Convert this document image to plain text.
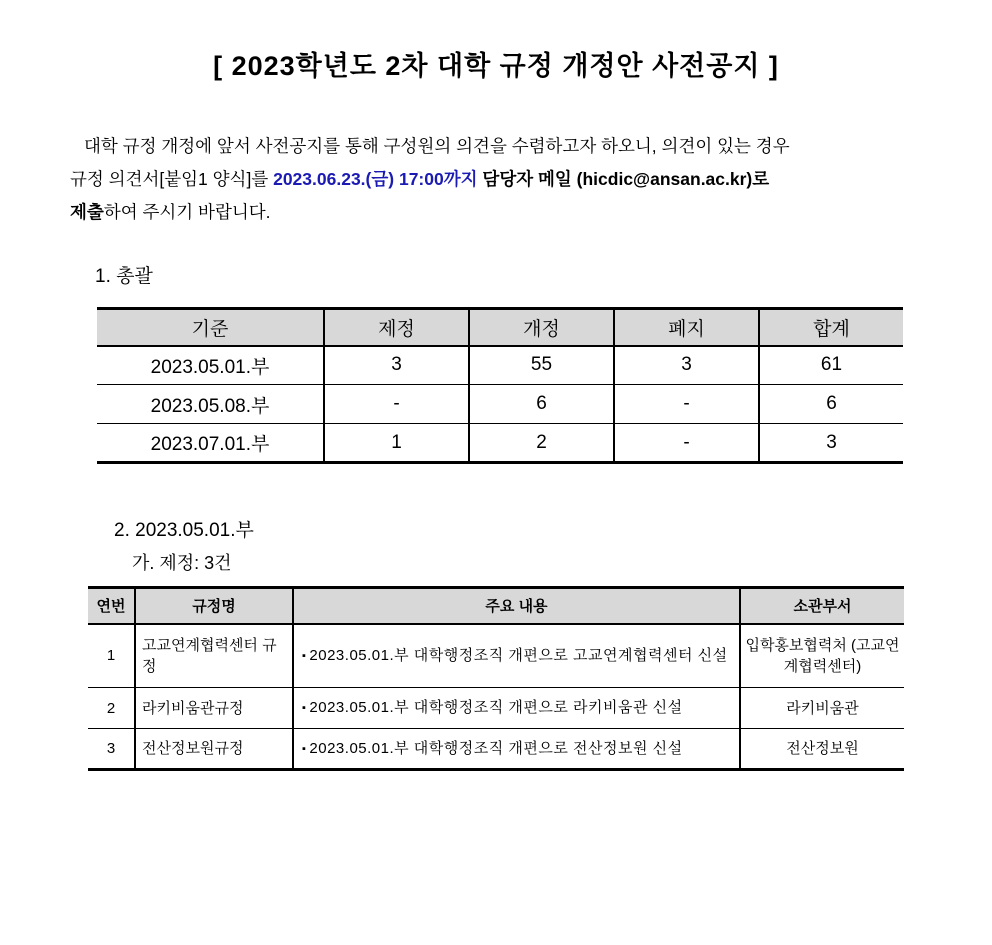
[ 2023학년도 2차 대학 규정 개정안 사전공지 ]
대학 규정 개정에 앞서 사전공지를 통해 구성원의 의견을 수렴하고자 하오니, 의견이 있는 경우
규정 의견서[붙임1 양식]를 2023.06.23.(금) 17:00까지 담당자 메일 (hicdic@ansan.ac.kr)로
제출하여 주시기 바랍니다.
1. 총괄
기준	제정	개정	폐지	합계
2023.05.01.부	3	55	3	61
2023.05.08.부	-	6	-	6
2023.07.01.부	1	2	-	3
2. 2023.05.01.부
가. 제정: 3건
연번	규정명	주요 내용	소관부서
1	고교연계협력센터 규정	▪ 2023.05.01.부 대학행정조직 개편으로 고교연계협력센터 신설	입학홍보협력처 (고교연계협력센터)
2	라키비움관규정	▪ 2023.05.01.부 대학행정조직 개편으로 라키비움관 신설	라키비움관
3	전산정보원규정	▪ 2023.05.01.부 대학행정조직 개편으로 전산정보원 신설	전산정보원
